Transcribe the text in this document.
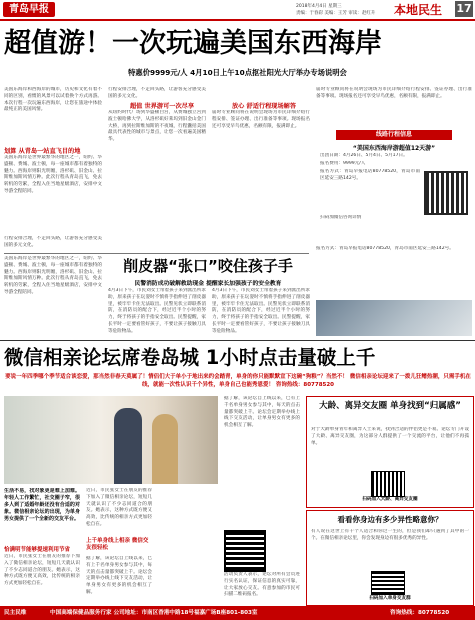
青岛早报	2018年4月4日 星期三
责编：于春彩 美编：王芳 审读：赵红升 本地民生 17
超值游！一次玩遍美国东西海岸
特惠价9999元/人 4月10日上午10点抠社阳光大厅举办专场说明会
美国东海岸和西海岸的城市，历史和文化有着不同的区别，看惯的风景可以试着换个方式再游。本次行程一次玩遍东西海岸，让您在旅途中体验最纯正的美国风情。
划算 从青岛一站直飞目的地
美国东海岸是世界最繁华的地区之一，纽约、华盛顿、费城、波士顿，每一座城市都有着独特的魅力。西海岸则阳光明媚，洛杉矶、旧金山、拉斯维加斯风情万种。此次行程从青岛直飞，免去转机的劳累，全程入住当地星级酒店，安排中文导游全程陪同。
行程安排合理，不走回头路，让游客充分感受美国的多元文化。
行程安排合理，不走回头路，让游客充分感受美国的多元文化。
超值 世界游可一次尽享
从纽约时代广场到华盛顿白宫，从费城独立宫到波士顿哈佛大学，从洛杉矶好莱坞到旧金山金门大桥，再到拉斯维加斯的不夜城，行程囊括美国最具代表性的城市与景点，让您一次看遍美国精华。
放心 舒适行程现场解答
届时专业顾问将在说明会现场为市民详细介绍行程安排、签证办理、出行准备等事项。现场报名还可享受早鸟优惠，名额有限，报满即止。
届时专业顾问将在说明会现场为市民详细介绍行程安排、签证办理、出行准备等事项。现场报名还可享受早鸟优惠，名额有限，报满即止。
线路行程信息
“美国东西海岸游超值12天游”
出团日期：4月26日、5月4日、5月17日。
报名费用：9999元/人
报名方式：青岛早报电话80778520，青岛市南区延安三路142号。
扫码加微信咨询详情
美国东海岸是世界最繁华的地区之一，纽约、华盛顿、费城、波士顿，每一座城市都有着独特的魅力。西海岸则阳光明媚，洛杉矶、旧金山、拉斯维加斯风情万种。此次行程从青岛直飞，免去转机的劳累，全程入住当地星级酒店，安排中文导游全程陪同。
削皮器“张口”咬住孩子手
民警消防成功破解救助现金 提醒家长加强孩子的安全教育
4月3日下午，市民刘女士带着孩子来到派出所求助，原来孩子在玩耍时不慎将手指伸进了削皮器里，被牢牢卡住无法取出。民警见状立即联系消防，在消防员的配合下，经过近半个小时的努力，终于将孩子的手指安全取出。民警提醒，家长平时一定要看管好孩子，不要让孩子接触刀具等危险物品。
4月3日下午，市民刘女士带着孩子来到派出所求助，原来孩子在玩耍时不慎将手指伸进了削皮器里，被牢牢卡住无法取出。民警见状立即联系消防，在消防员的配合下，经过近半个小时的努力，终于将孩子的手指安全取出。民警提醒，家长平时一定要看管好孩子，不要让孩子接触刀具等危险物品。
报名方式：青岛早报电话80778520，青岛市南区延安三路142号。
微信相亲论坛席卷岛城 1小时点击量破上千
要说一年四季哪个季节适合谈恋爱，那当然非春天莫属了！情侣们大于单小于地出来约会踏青，单身的你只能默默宣下这碗“狗粮”？当然不！ 微信相亲论坛迎来了一拨儿狂鳍热潮，只需手机在线，就能一次性认识千个异性，单身自己也能秀恩爱！ 咨询热线：80778520
生活不易，找对象更是难上加难。年轻人工作繁忙，社交圈子窄，很多人到了适婚年龄还没有合适的对象。微信相亲论坛的出现，为单身男女提供了一个全新的交友平台。
恰满明节能够提速利用节省
近日，市民张女士在朋友的推荐下加入了微信相亲论坛，短短几天就认识了不少志同道合的朋友。她表示，这种方式既方便又高效，比传统的相亲方式更加轻松自在。
近日，市民张女士在朋友的推荐下加入了微信相亲论坛，短短几天就认识了不少志同道合的朋友。她表示，这种方式既方便又高效，比传统的相亲方式更加轻松自在。
上千单身线上相亲 微信交友很轻松
据了解，该论坛自上线以来，已有上千名单身男女参与其中，每天的点击量都突破上千。论坛会定期举办线上线下交友活动，让单身男女有更多的机会相互了解。
据了解，该论坛自上线以来，已有上千名单身男女参与其中，每天的点击量都突破上千。论坛会定期举办线上线下交友活动，让单身男女有更多的机会相互了解。
活动负责人表示，论坛对所有会员进行实名认证，保证信息的真实可靠，让大家放心交友。有意参加的市民可扫描二维码报名。
大龄、离异交友圈 单身找到“归属感”
对于大龄单身青年和离异人士来说，找到合适的伴侣更是不易。论坛专门开设了大龄、离异交友圈，为这部分人群提供了一个交流的平台，让他们不再孤单。
扫码加入大龄、离异交友圈
看看你身边有多少异性略意你？
有人说在这世上有千个人适合和你过一生的，但是我们却只遇到了其中的一个。在微信相亲论坛里，你会发现身边有很多优秀的异性。
扫码加入单身交友群
民主民维	中国高端保健品服务行家 公司地址：市南区香港中路18号福嘉广场B座801-803室	咨询热线：80778520
